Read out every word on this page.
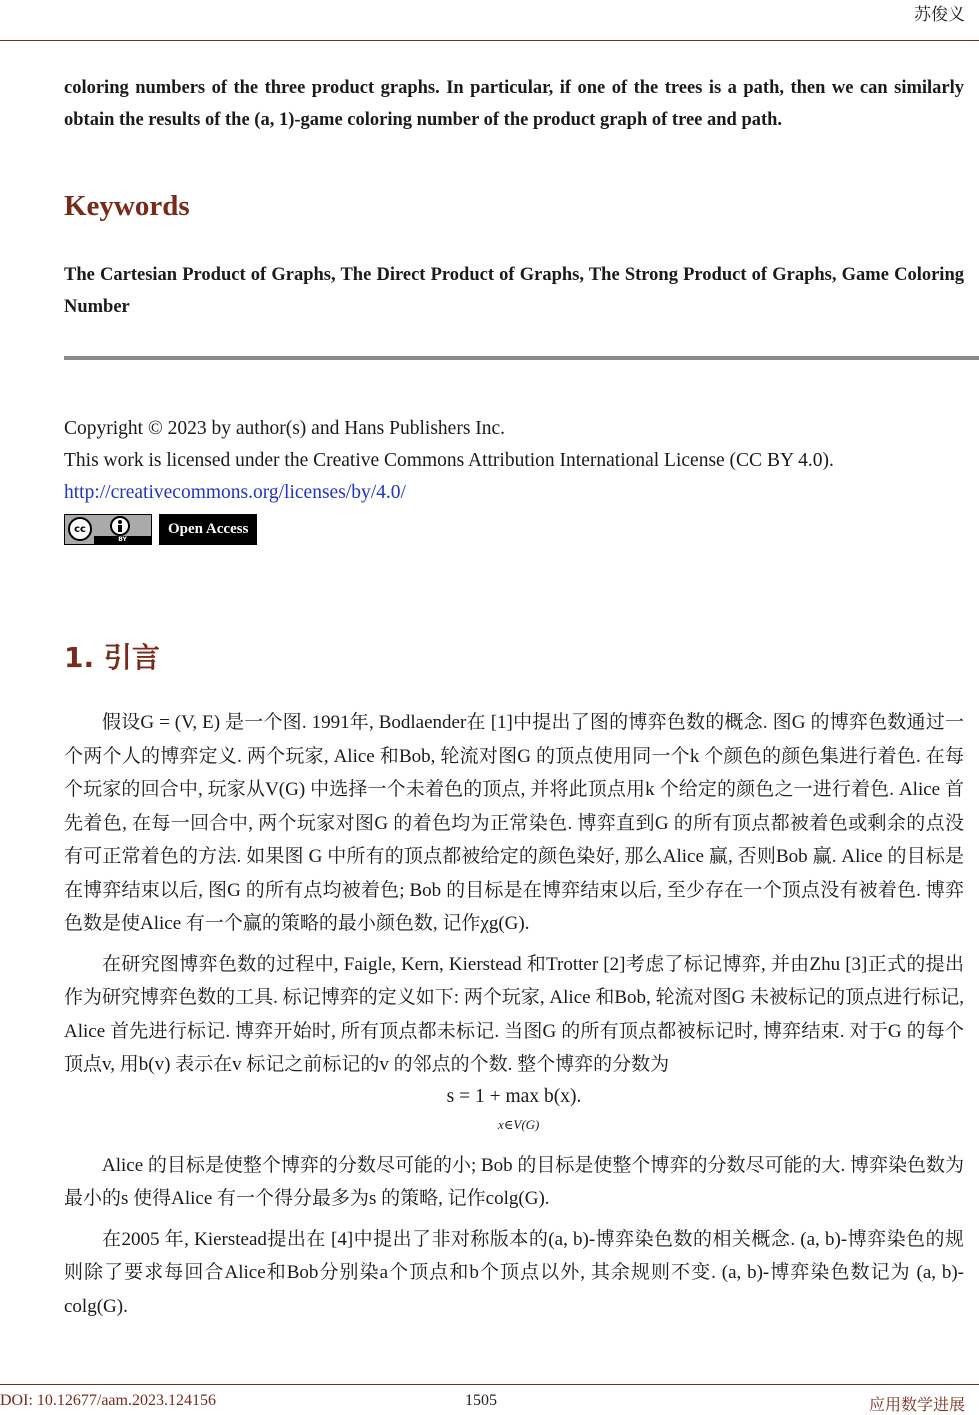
苏俊义
coloring numbers of the three product graphs. In particular, if one of the trees is a path, then we can similarly obtain the results of the (a, 1)-game coloring number of the product graph of tree and path.
Keywords
The Cartesian Product of Graphs, The Direct Product of Graphs, The Strong Product of Graphs, Game Coloring Number
Copyright © 2023 by author(s) and Hans Publishers Inc.
This work is licensed under the Creative Commons Attribution International License (CC BY 4.0).
http://creativecommons.org/licenses/by/4.0/
cc
BY
Open Access
1. 引言

假设G = (V, E) 是一个图. 1991年, Bodlaender在 [1]中提出了图的博弈色数的概念. 图G 的博弈色数通过一个两个人的博弈定义. 两个玩家, Alice 和Bob, 轮流对图G 的顶点使用同一个k 个颜色的颜色集进行着色. 在每个玩家的回合中, 玩家从V(G) 中选择一个未着色的顶点, 并将此顶点用k 个给定的颜色之一进行着色. Alice 首先着色, 在每一回合中, 两个玩家对图G 的着色均为正常染色. 博弈直到G 的所有顶点都被着色或剩余的点没有可正常着色的方法. 如果图 G 中所有的顶点都被给定的颜色染好, 那么Alice 赢, 否则Bob 赢. Alice 的目标是在博弈结束以后, 图G 的所有点均被着色; Bob 的目标是在博弈结束以后, 至少存在一个顶点没有被着色. 博弈色数是使Alice 有一个赢的策略的最小颜色数, 记作χg(G).

在研究图博弈色数的过程中, Faigle, Kern, Kierstead 和Trotter [2]考虑了标记博弈, 并由Zhu [3]正式的提出作为研究博弈色数的工具. 标记博弈的定义如下: 两个玩家, Alice 和Bob, 轮流对图G 未被标记的顶点进行标记, Alice 首先进行标记. 博弈开始时, 所有顶点都未标记. 当图G 的所有顶点都被标记时, 博弈结束. 对于G 的每个顶点v, 用b(v) 表示在v 标记之前标记的v 的邻点的个数. 整个博弈的分数为

s = 1 + max b(x).
x∈V(G)

Alice 的目标是使整个博弈的分数尽可能的小; Bob 的目标是使整个博弈的分数尽可能的大. 博弈染色数为最小的s 使得Alice 有一个得分最多为s 的策略, 记作colg(G).

在2005 年, Kierstead提出在 [4]中提出了非对称版本的(a, b)-博弈染色数的相关概念. (a, b)-博弈染色的规则除了要求每回合Alice和Bob分别染a个顶点和b个顶点以外, 其余规则不变. (a, b)-博弈染色数记为 (a, b)-colg(G).

DOI: 10.12677/aam.2023.124156	1505	应用数学进展
